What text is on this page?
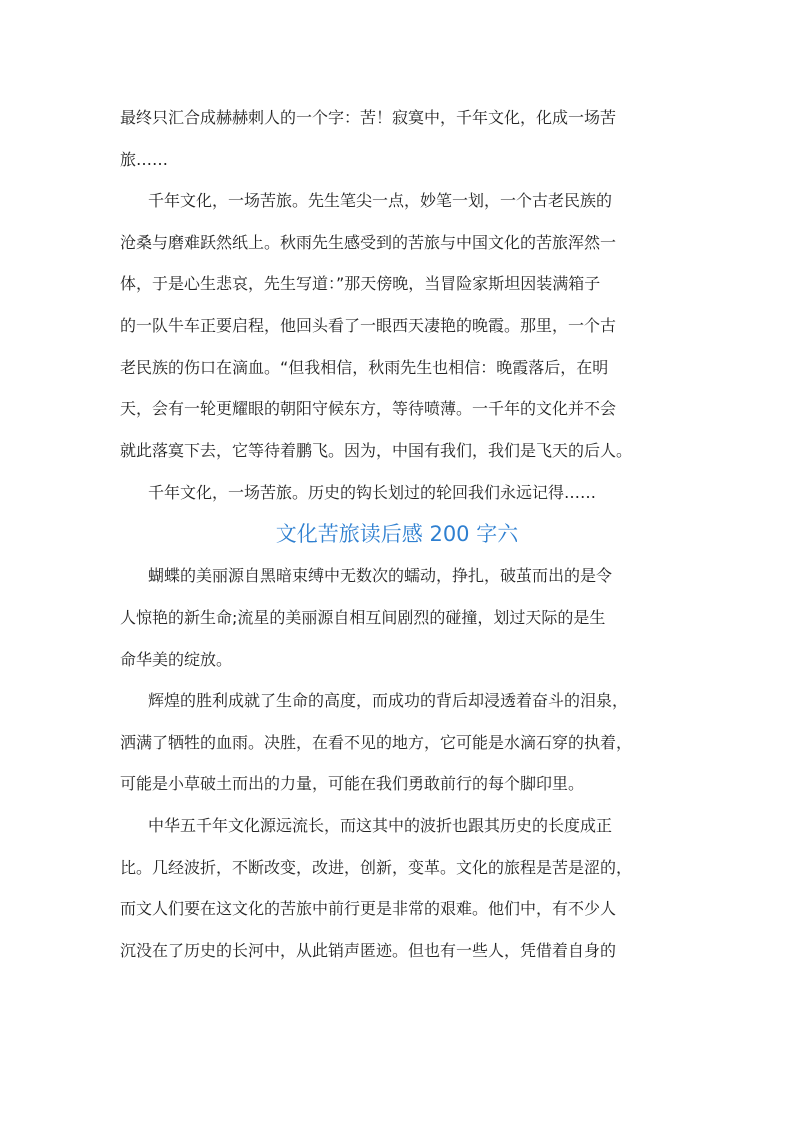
最终只汇合成赫赫刺人的一个字：苦！寂寞中，千年文化，化成一场苦
旅……
千年文化，一场苦旅。先生笔尖一点，妙笔一划，一个古老民族的
沧桑与磨难跃然纸上。秋雨先生感受到的苦旅与中国文化的苦旅浑然一
体，于是心生悲哀，先生写道：”那天傍晚，当冒险家斯坦因装满箱子
的一队牛车正要启程，他回头看了一眼西天凄艳的晚霞。那里，一个古
老民族的伤口在滴血。“但我相信，秋雨先生也相信：晚霞落后，在明
天，会有一轮更耀眼的朝阳守候东方，等待喷薄。一千年的文化并不会
就此落寞下去，它等待着鹏飞。因为，中国有我们，我们是飞天的后人。
千年文化，一场苦旅。历史的钩长划过的轮回我们永远记得……
文化苦旅读后感 200 字六
蝴蝶的美丽源自黑暗束缚中无数次的蠕动，挣扎，破茧而出的是令
人惊艳的新生命;流星的美丽源自相互间剧烈的碰撞，划过天际的是生
命华美的绽放。
辉煌的胜利成就了生命的高度，而成功的背后却浸透着奋斗的泪泉，
洒满了牺牲的血雨。决胜，在看不见的地方，它可能是水滴石穿的执着，
可能是小草破土而出的力量，可能在我们勇敢前行的每个脚印里。
中华五千年文化源远流长，而这其中的波折也跟其历史的长度成正
比。几经波折，不断改变，改进，创新，变革。文化的旅程是苦是涩的，
而文人们要在这文化的苦旅中前行更是非常的艰难。他们中，有不少人
沉没在了历史的长河中，从此销声匿迹。但也有一些人，凭借着自身的
